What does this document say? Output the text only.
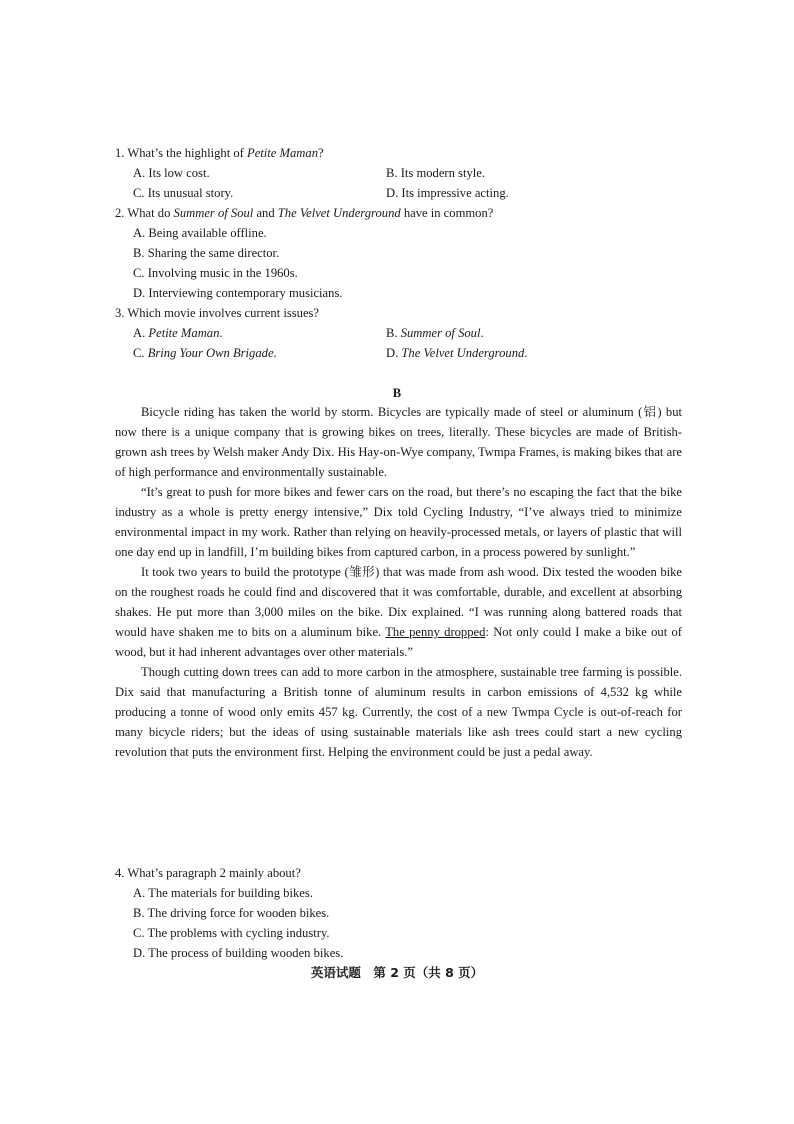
1. What’s the highlight of Petite Maman?
A. Its low cost.	B. Its modern style.
C. Its unusual story.	D. Its impressive acting.
2. What do Summer of Soul and The Velvet Underground have in common?
A. Being available offline.
B. Sharing the same director.
C. Involving music in the 1960s.
D. Interviewing contemporary musicians.
3. Which movie involves current issues?
A. Petite Maman.	B. Summer of Soul.
C. Bring Your Own Brigade.	D. The Velvet Underground.
B

Bicycle riding has taken the world by storm. Bicycles are typically made of steel or aluminum (铝) but now there is a unique company that is growing bikes on trees, literally. These bicycles are made of British-grown ash trees by Welsh maker Andy Dix. His Hay-on-Wye company, Twmpa Frames, is making bikes that are of high performance and environmentally sustainable.

“It’s great to push for more bikes and fewer cars on the road, but there’s no escaping the fact that the bike industry as a whole is pretty energy intensive,” Dix told Cycling Industry, “I’ve always tried to minimize environmental impact in my work. Rather than relying on heavily-processed metals, or layers of plastic that will one day end up in landfill, I’m building bikes from captured carbon, in a process powered by sunlight.”

It took two years to build the prototype (雏形) that was made from ash wood. Dix tested the wooden bike on the roughest roads he could find and discovered that it was comfortable, durable, and excellent at absorbing shakes. He put more than 3,000 miles on the bike. Dix explained. “I was running along battered roads that would have shaken me to bits on a aluminum bike. The penny dropped: Not only could I make a bike out of wood, but it had inherent advantages over other materials.”

Though cutting down trees can add to more carbon in the atmosphere, sustainable tree farming is possible. Dix said that manufacturing a British tonne of aluminum results in carbon emissions of 4,532 kg while producing a tonne of wood only emits 457 kg. Currently, the cost of a new Twmpa Cycle is out-of-reach for many bicycle riders; but the ideas of using sustainable materials like ash trees could start a new cycling revolution that puts the environment first. Helping the environment could be just a pedal away.

4. What’s paragraph 2 mainly about?
A. The materials for building bikes.
B. The driving force for wooden bikes.
C. The problems with cycling industry.
D. The process of building wooden bikes.
英语试题　第 2 页（共 8 页）
